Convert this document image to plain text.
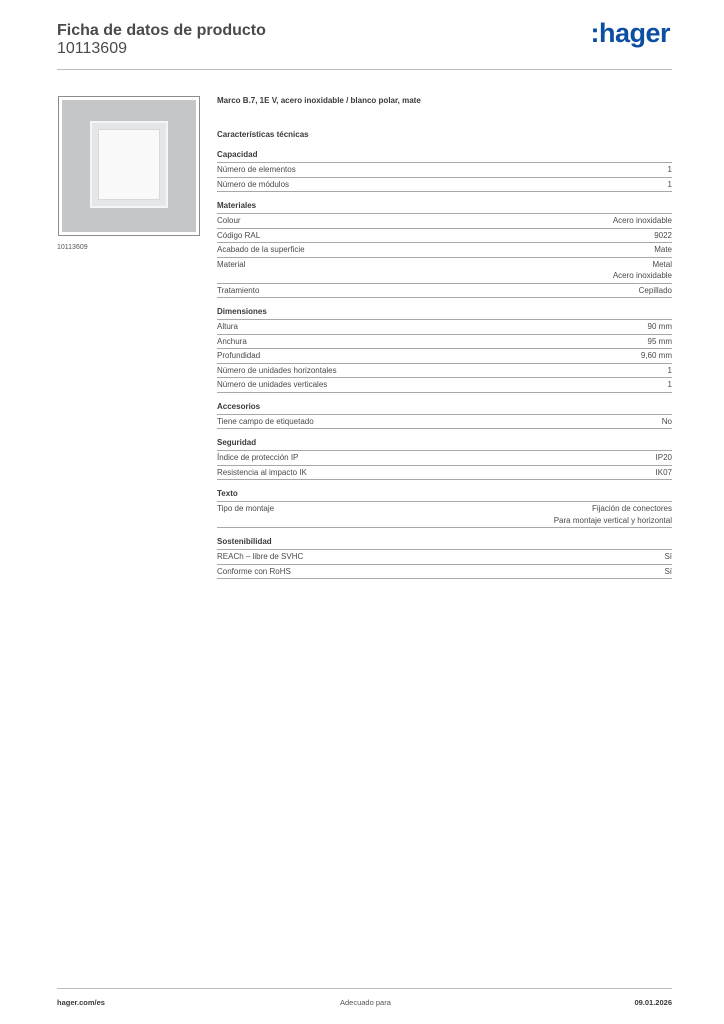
Ficha de datos de producto
10113609
:hager
10113609
Marco B.7, 1E V, acero inoxidable / blanco polar, mate
Características técnicas
Capacidad
Número de elementos	1
Número de módulos	1
Materiales
Colour	Acero inoxidable
Código RAL	9022
Acabado de la superficie	Mate
Material	Metal
Acero inoxidable
Tratamiento	Cepillado
Dimensiones
Altura	90 mm
Anchura	95 mm
Profundidad	9,60 mm
Número de unidades horizontales	1
Número de unidades verticales	1
Accesorios
Tiene campo de etiquetado	No
Seguridad
Índice de protección IP	IP20
Resistencia al impacto IK	IK07
Texto
Tipo de montaje	Fijación de conectores
Para montaje vertical y horizontal
Sostenibilidad
REACh – libre de SVHC	Sí
Conforme con RoHS	Sí
hager.com/es	Adecuado para	09.01.2026
